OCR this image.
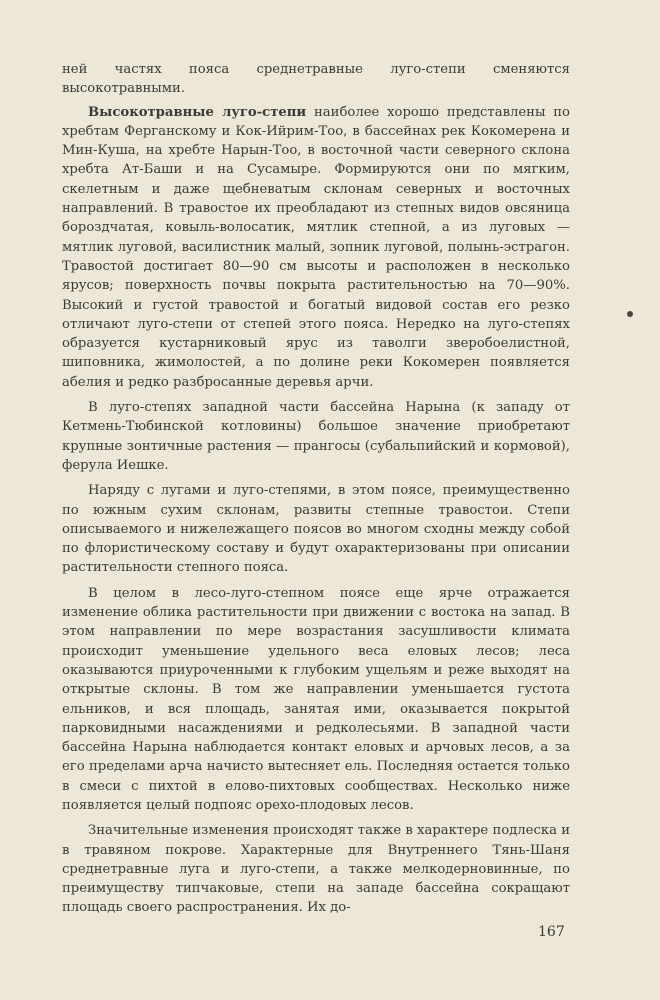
ней частях пояса среднетравные луго-степи сменяются высокотравными.

Высокотравные луго-степи наиболее хорошо представлены по хребтам Ферганскому и Кок-Ийрим-Тоо, в бассейнах рек Кокомерена и Мин-Куша, на хребте Нарын-Тоо, в восточной части северного склона хребта Ат-Баши и на Сусамыре. Формируются они по мягким, скелетным и даже щебневатым склонам северных и восточных направлений. В травостое их преобладают из степных видов овсяница бороздчатая, ковыль-волосатик, мятлик степной, а из луговых — мятлик луговой, василистник малый, зопник луговой, полынь-эстрагон. Травостой достигает 80—90 см высоты и расположен в несколько ярусов; поверхность почвы покрыта растительностью на 70—90%. Высокий и густой травостой и богатый видовой состав его резко отличают луго-степи от степей этого пояса. Нередко на луго-степях образуется кустарниковый ярус из таволги зверобоелистной, шиповника, жимолостей, а по долине реки Кокомерен появляется абелия и редко разбросанные деревья арчи.

В луго-степях западной части бассейна Нарына (к западу от Кетмень-Тюбинской котловины) большое значение приобретают крупные зонтичные растения — прангосы (субальпийский и кормовой), ферула Иешке.

Наряду с лугами и луго-степями, в этом поясе, преимущественно по южным сухим склонам, развиты степные травостои. Степи описываемого и нижележащего поясов во многом сходны между собой по флористическому составу и будут охарактеризованы при описании растительности степного пояса.

В целом в лесо-луго-степном поясе еще ярче отражается изменение облика растительности при движении с востока на запад. В этом направлении по мере возрастания засушливости климата происходит уменьшение удельного веса еловых лесов; леса оказываются приуроченными к глубоким ущельям и реже выходят на открытые склоны. В том же направлении уменьшается густота ельников, и вся площадь, занятая ими, оказывается покрытой парковидными насаждениями и редколесьями. В западной части бассейна Нарына наблюдается контакт еловых и арчовых лесов, а за его пределами арча начисто вытесняет ель. Последняя остается только в смеси с пихтой в елово-пихтовых сообществах. Несколько ниже появляется целый подпояс орехо-плодовых лесов.

Значительные изменения происходят также в характере подлеска и в травяном покрове. Характерные для Внутреннего Тянь-Шаня среднетравные луга и луго-степи, а также мелкодерновинные, по преимуществу типчаковые, степи на западе бассейна сокращают площадь своего распространения. Их до-

167
